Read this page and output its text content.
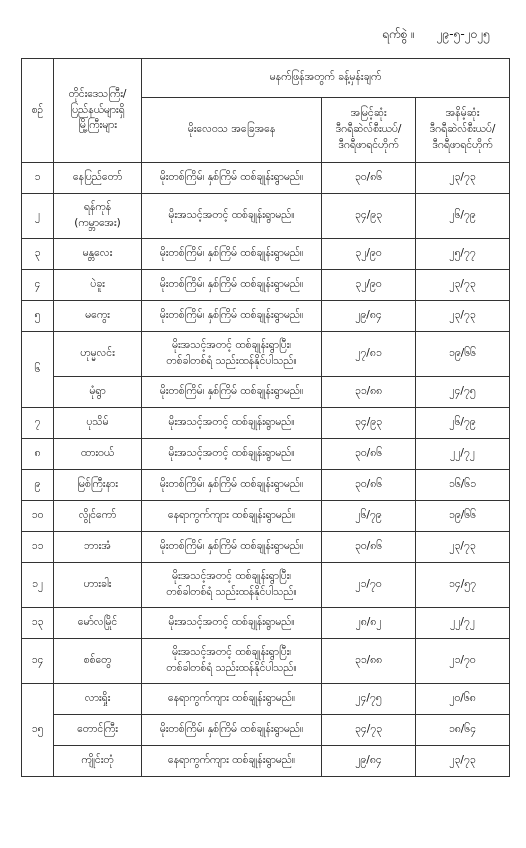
ရက်စွဲ ။ ၂၉-၅-၂၀၂၅
စဉ်	တိုင်းဒေသကြီး/
ပြည်နယ်များရှိ
မြို့ကြီးများ	မနက်ဖြန်အတွက် ခန့်မှန်းချက်		
		မိုးလေဝသ အခြေအနေ	အမြင့်ဆုံး
ဒီဂရီဆဲလ်စီးယပ်/
ဒီဂရီဖာရင်ဟိုက်	အနိမ့်ဆုံး
ဒီဂရီဆဲလ်စီးယပ်/
ဒီဂရီဖာရင်ဟိုက်

၁	နေပြည်တော်	မိုးတစ်ကြိမ်၊ နှစ်ကြိမ် ထစ်ချုန်းရွာမည်။	၃၀/၈၆	၂၃/၇၃
၂	ရန်ကုန်
(ကမ္ဘာအေး)	မိုးအသင့်အတင့် ထစ်ချုန်းရွာမည်။	၃၄/၉၃	၂၆/၇၉
၃	မန္တလေး	မိုးတစ်ကြိမ်၊ နှစ်ကြိမ် ထစ်ချုန်းရွာမည်။	၃၂/၉၀	၂၅/၇၇
၄	ပဲခူး	မိုးတစ်ကြိမ်၊ နှစ်ကြိမ် ထစ်ချုန်းရွာမည်။	၃၂/၉၀	၂၃/၇၃
၅	မကွေး	မိုးတစ်ကြိမ်၊ နှစ်ကြိမ် ထစ်ချုန်းရွာမည်။	၂၉/၈၄	၂၃/၇၃
၆	ဟုမ္မလင်း	မိုးအသင့်အတင့် ထစ်ချုန်းရွာပြီး၊
တစ်ခါတစ်ရံ သည်းထန်နိုင်ပါသည်။	၂၇/၈၁	၁၉/၆၆

	မုံရွာ	မိုးတစ်ကြိမ်၊ နှစ်ကြိမ် ထစ်ချုန်းရွာမည်။	၃၁/၈၈	၂၄/၇၅
၇	ပုသိမ်	မိုးအသင့်အတင့် ထစ်ချုန်းရွာမည်။	၃၄/၉၃	၂၆/၇၉
၈	ထားဝယ်	မိုးအသင့်အတင့် ထစ်ချုန်းရွာမည်။	၃၀/၈၆	၂၂/၇၂
၉	မြစ်ကြီးနား	မိုးတစ်ကြိမ်၊ နှစ်ကြိမ် ထစ်ချုန်းရွာမည်။	၃၀/၈၆	၁၆/၆၁
၁၀	လွိုင်ကော်	နေရာကွက်ကျား ထစ်ချုန်းရွာမည်။	၂၆/၇၉	၁၉/၆၆
၁၁	ဘားအံ	မိုးတစ်ကြိမ်၊ နှစ်ကြိမ် ထစ်ချုန်းရွာမည်။	၃၀/၈၆	၂၃/၇၃
၁၂	ဟားခါး	မိုးအသင့်အတင့် ထစ်ချုန်းရွာပြီး၊
တစ်ခါတစ်ရံ သည်းထန်နိုင်ပါသည်။	၂၁/၇၀	၁၄/၅၇
၁၃	မော်လမြိုင်	မိုးအသင့်အတင့် ထစ်ချုန်းရွာမည်။	၂၈/၈၂	၂၂/၇၂
၁၄	စစ်တွေ	မိုးအသင့်အတင့် ထစ်ချုန်းရွာပြီး၊
တစ်ခါတစ်ရံ သည်းထန်နိုင်ပါသည်။	၃၁/၈၈	၂၁/၇၀
၁၅	လားရှိုး	နေရာကွက်ကျား ထစ်ချုန်းရွာမည်။	၂၄/၇၅	၂၀/၆၈

	တောင်ကြီး	မိုးတစ်ကြိမ်၊ နှစ်ကြိမ် ထစ်ချုန်းရွာမည်။	၃၄/၇၃	၁၈/၆၄

	ကျိုင်းတုံ	နေရာကွက်ကျား ထစ်ချုန်းရွာမည်။	၂၉/၈၄	၂၃/၇၃
